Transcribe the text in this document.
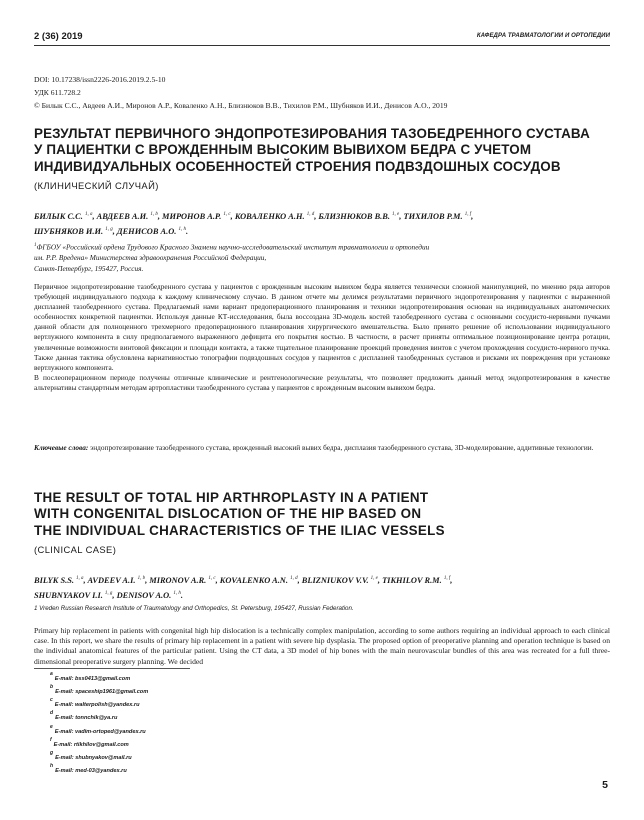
2 (36) 2019	КАФЕДРА ТРАВМАТОЛОГИИ И ОРТОПЕДИИ
DOI: 10.17238/issn2226-2016.2019.2.5-10
УДК 611.728.2
© Билык С.С., Авдеев А.И., Миронов А.Р., Коваленко А.Н., Близнюков В.В., Тихилов Р.М., Шубняков И.И., Денисов А.О., 2019
РЕЗУЛЬТАТ ПЕРВИЧНОГО ЭНДОПРОТЕЗИРОВАНИЯ ТАЗОБЕДРЕННОГО СУСТАВА
У ПАЦИЕНТКИ С ВРОЖДЕННЫМ ВЫСОКИМ ВЫВИХОМ БЕДРА С УЧЕТОМ
ИНДИВИДУАЛЬНЫХ ОСОБЕННОСТЕЙ СТРОЕНИЯ ПОДВЗДОШНЫХ СОСУДОВ
(КЛИНИЧЕСКИЙ СЛУЧАЙ)
БИЛЫК С.С. $^{1, a}$, АВДЕЕВ А.И. $^{1, b}$, МИРОНОВ А.Р. $^{1, c}$, КОВАЛЕНКО А.Н. $^{1, d}$, БЛИЗНЮКОВ В.В. $^{1, e}$, ТИХИЛОВ Р.М. $^{1, f}$,
ШУБНЯКОВ И.И. $^{1, g}$, ДЕНИСОВ А.О. $^{1, h}$.
$^1$ФГБОУ «Российский ордена Трудового Красного Знамени научно-исследовательский институт травматологии и ортопедии
им. Р.Р. Вредена» Министерства здравоохранения Российской Федерации,
Санкт-Петербург, 195427, Россия.

Первичное эндопротезирование тазобедренного сустава у пациентов с врожденным высоким вывихом бедра является технически сложной манипуляцией, по мнению ряда авторов требующей индивидуального подхода к каждому клиническому случаю. В данном отчете мы делимся результатами первичного эндопротезирования у пациентки с выраженной дисплазией тазобедренного сустава. Предлагаемый нами вариант предоперационного планирования и техники эндопротезирования основан на индивидуальных анатомических особенностях конкретной пациентки. Используя данные КТ-исследования, была воссоздана 3D-модель костей тазобедренного сустава с основными сосудисто-нервными пучками данной области для полноценного трехмерного предоперационного планирования хирургического вмешательства. Было принято решение об использовании индивидуального вертлужного компонента в силу предполагаемого выраженного дефицита его покрытия костью. В частности, в расчет приняты оптимальное позиционирование центра ротации, увеличенные возможности винтовой фиксации и площади контакта, а также тщательное планирование проекций проведения винтов с учетом прохождения сосудисто-нервного пучка. Также данная тактика обусловлена вариативностью топографии подвздошных сосудов у пациентов с дисплазией тазобедренных суставов и рисками их повреждения при установке вертлужного компонента.

В послеоперационном периоде получены отличные клинические и рентгенологические результаты, что позволяет предложить данный метод эндопротезирования в качестве альтернативы стандартным методам артропластики тазобедренного сустава у пациентов с врожденным высоким вывихом бедра.

Ключевые слова: эндопротезирование тазобедренного сустава, врожденный высокий вывих бедра, дисплазия тазобедренного сустава, 3D-моделирование, аддитивные технологии.
THE RESULT OF TOTAL HIP ARTHROPLASTY IN A PATIENT
WITH CONGENITAL DISLOCATION OF THE HIP BASED ON
THE INDIVIDUAL CHARACTERISTICS OF THE ILIAC VESSELS
(CLINICAL CASE)
BILYK S.S. $^{1, a}$, AVDEEV A.I. $^{1, b}$, MIRONOV A.R. $^{1, c}$, KOVALENKO A.N. $^{1, d}$, BLIZNIUKOV V.V. $^{1, e}$, TIKHILOV R.M. $^{1, f}$,
SHUBNYAKOV I.I. $^{1, g}$, DENISOV A.O. $^{1, h}$.
1 Vreden Russian Research Institute of Traumatology and Orthopedics, St. Petersburg, 195427, Russian Federation.
Primary hip replacement in patients with congenital high hip dislocation is a technically complex manipulation, according to some authors requiring an individual approach to each clinical case. In this report, we share the results of primary hip replacement in a patient with severe hip dysplasia. The proposed option of preoperative planning and operation technique is based on the individual anatomical features of the particular patient. Using the CT data, a 3D model of hip bones with the main neurovascular bundles of this area was recreated for a full three-dimensional preoperative surgery planning. We decided
$^a$E-mail: bss0413@gmail.com
$^b$E-mail: spaceship1961@gmail.com
$^c$E-mail: walterpolish@yandex.ru
$^d$E-mail: tonnchik@ya.ru
$^e$E-mail: vadim-ortoped@yandex.ru
$^f$E-mail: rtikhilov@gmail.com
$^g$E-mail: shubnyakov@mail.ru
$^h$E-mail: med-03@yandex.ru
5
